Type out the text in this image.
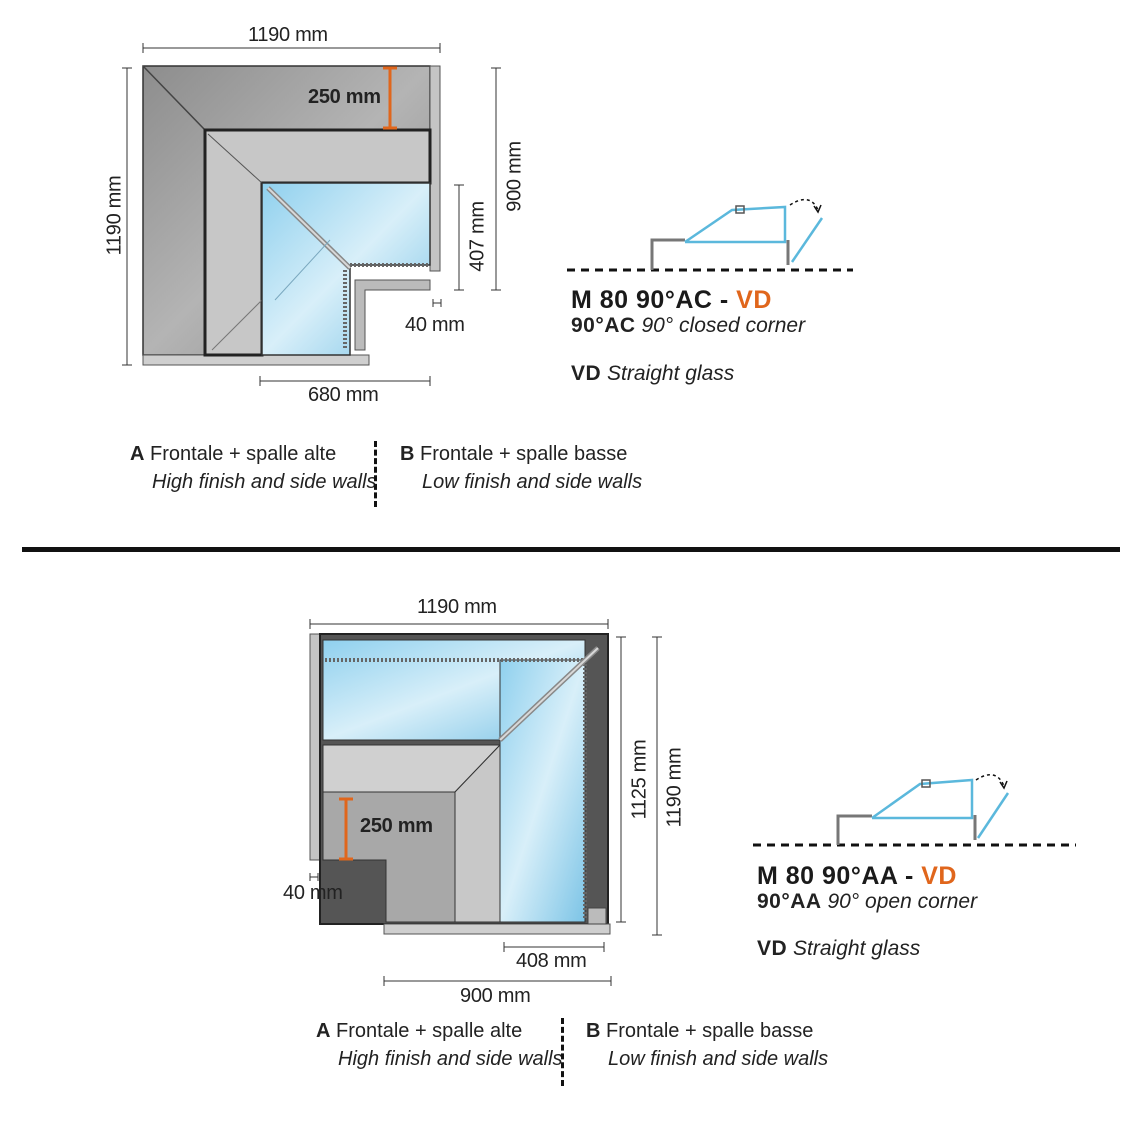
1190 mm
1190 mm	900 mm
407 mm
250 mm
40 mm
680 mm
M 80 90°AC - VD
90°AC 90° closed corner
VD Straight glass
A Frontale + spalle alte
High finish and side walls
B Frontale + spalle basse
Low finish and side walls
1190 mm
1125 mm 1190 mm
250 mm
40 mm
408 mm
900 mm
M 80 90°AA - VD
90°AA 90° open corner
VD Straight glass
A Frontale + spalle alte
High finish and side walls
B Frontale + spalle basse
Low finish and side walls
